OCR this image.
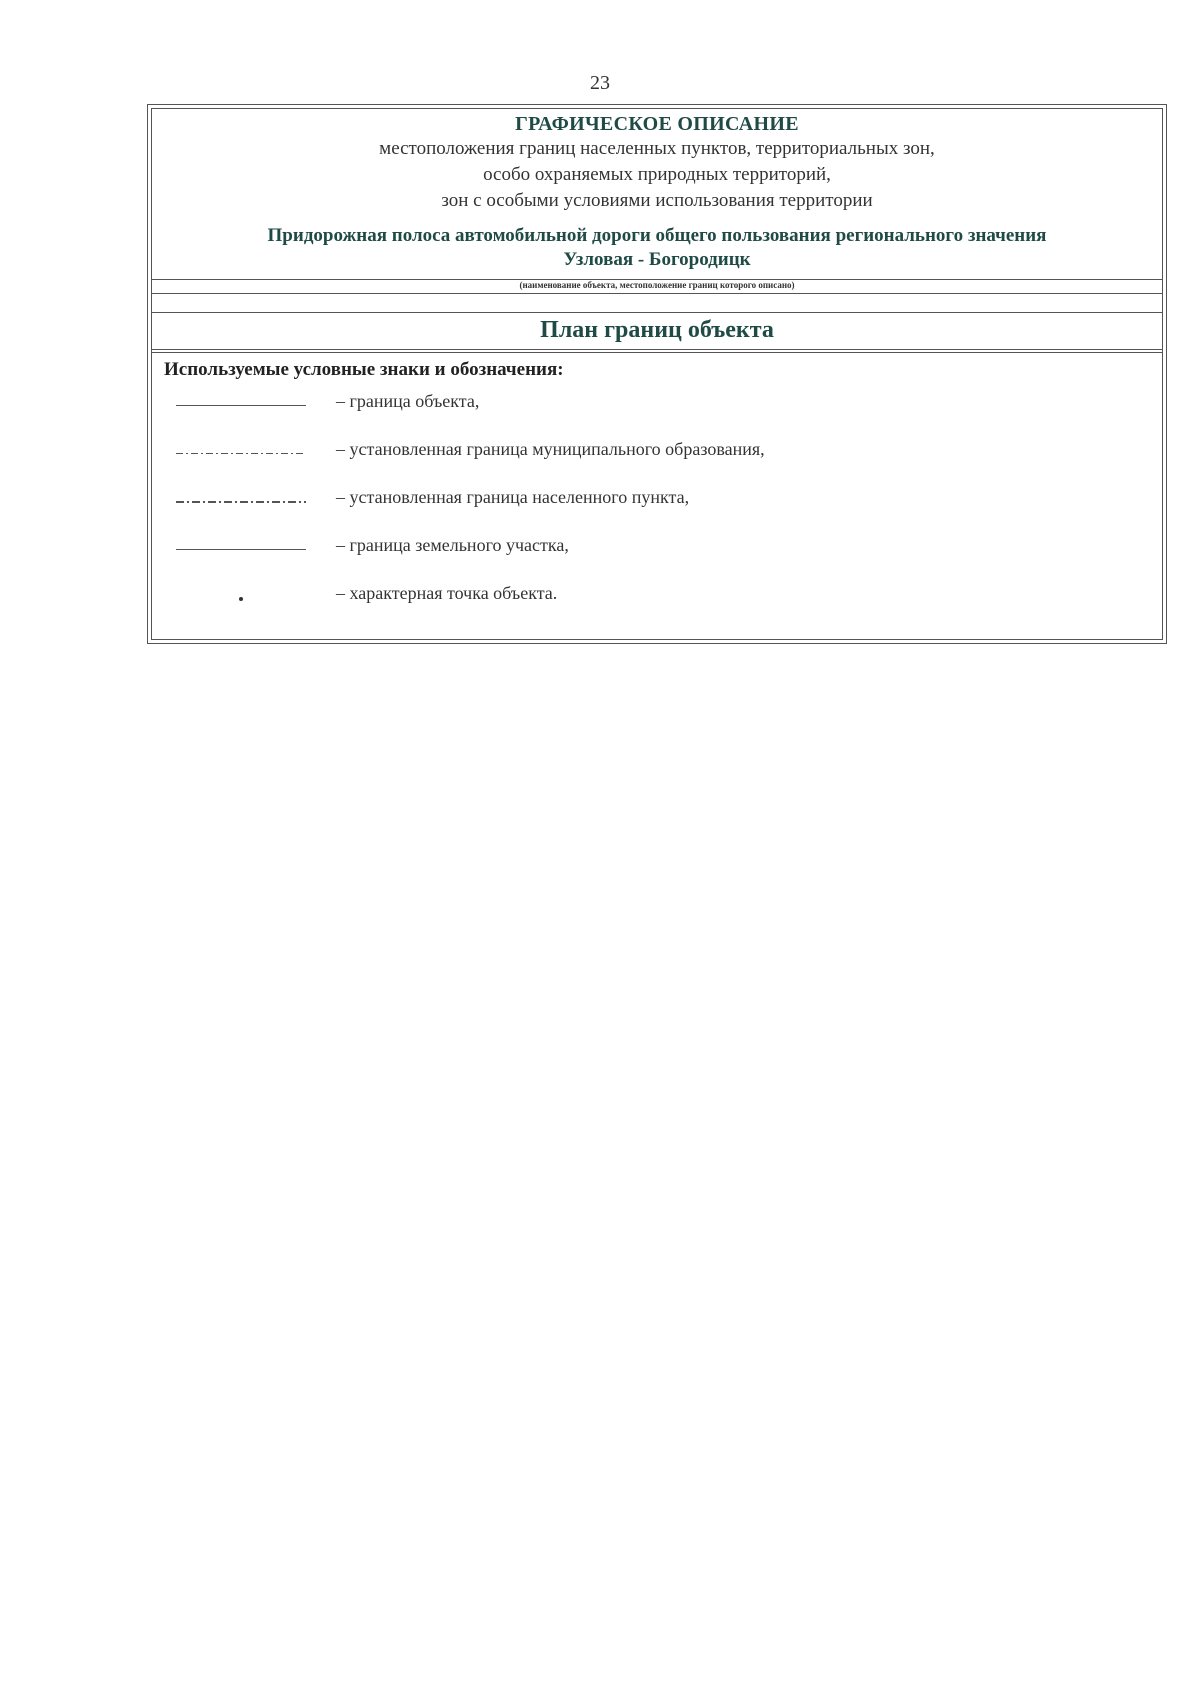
23
ГРАФИЧЕСКОЕ ОПИСАНИЕ
местоположения границ населенных пунктов, территориальных зон,
особо охраняемых природных территорий,
зон с особыми условиями использования территории
Придорожная полоса автомобильной дороги общего пользования регионального значения
Узловая - Богородицк
(наименование объекта, местоположение границ которого описано)
План границ объекта
Используемые условные знаки и обозначения:
– граница объекта,
– установленная граница муниципального образования,
– установленная граница населенного пункта,
– граница земельного участка,
– характерная точка объекта.
